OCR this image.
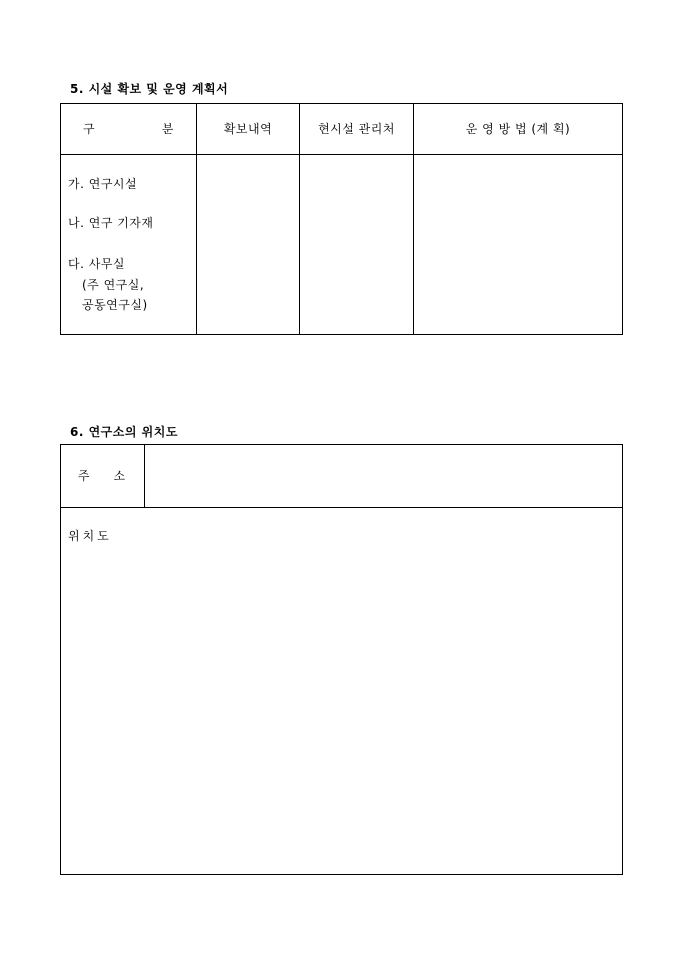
5. 시설 확보 및 운영 계획서
구 분	확보내역	현시설 관리처	운 영 방 법 (계 획)

가. 연구시설
나. 연구 기자재
다. 사무실
(주 연구실,
공동연구실)			

6. 연구소의 위치도
주 소	

위치도
